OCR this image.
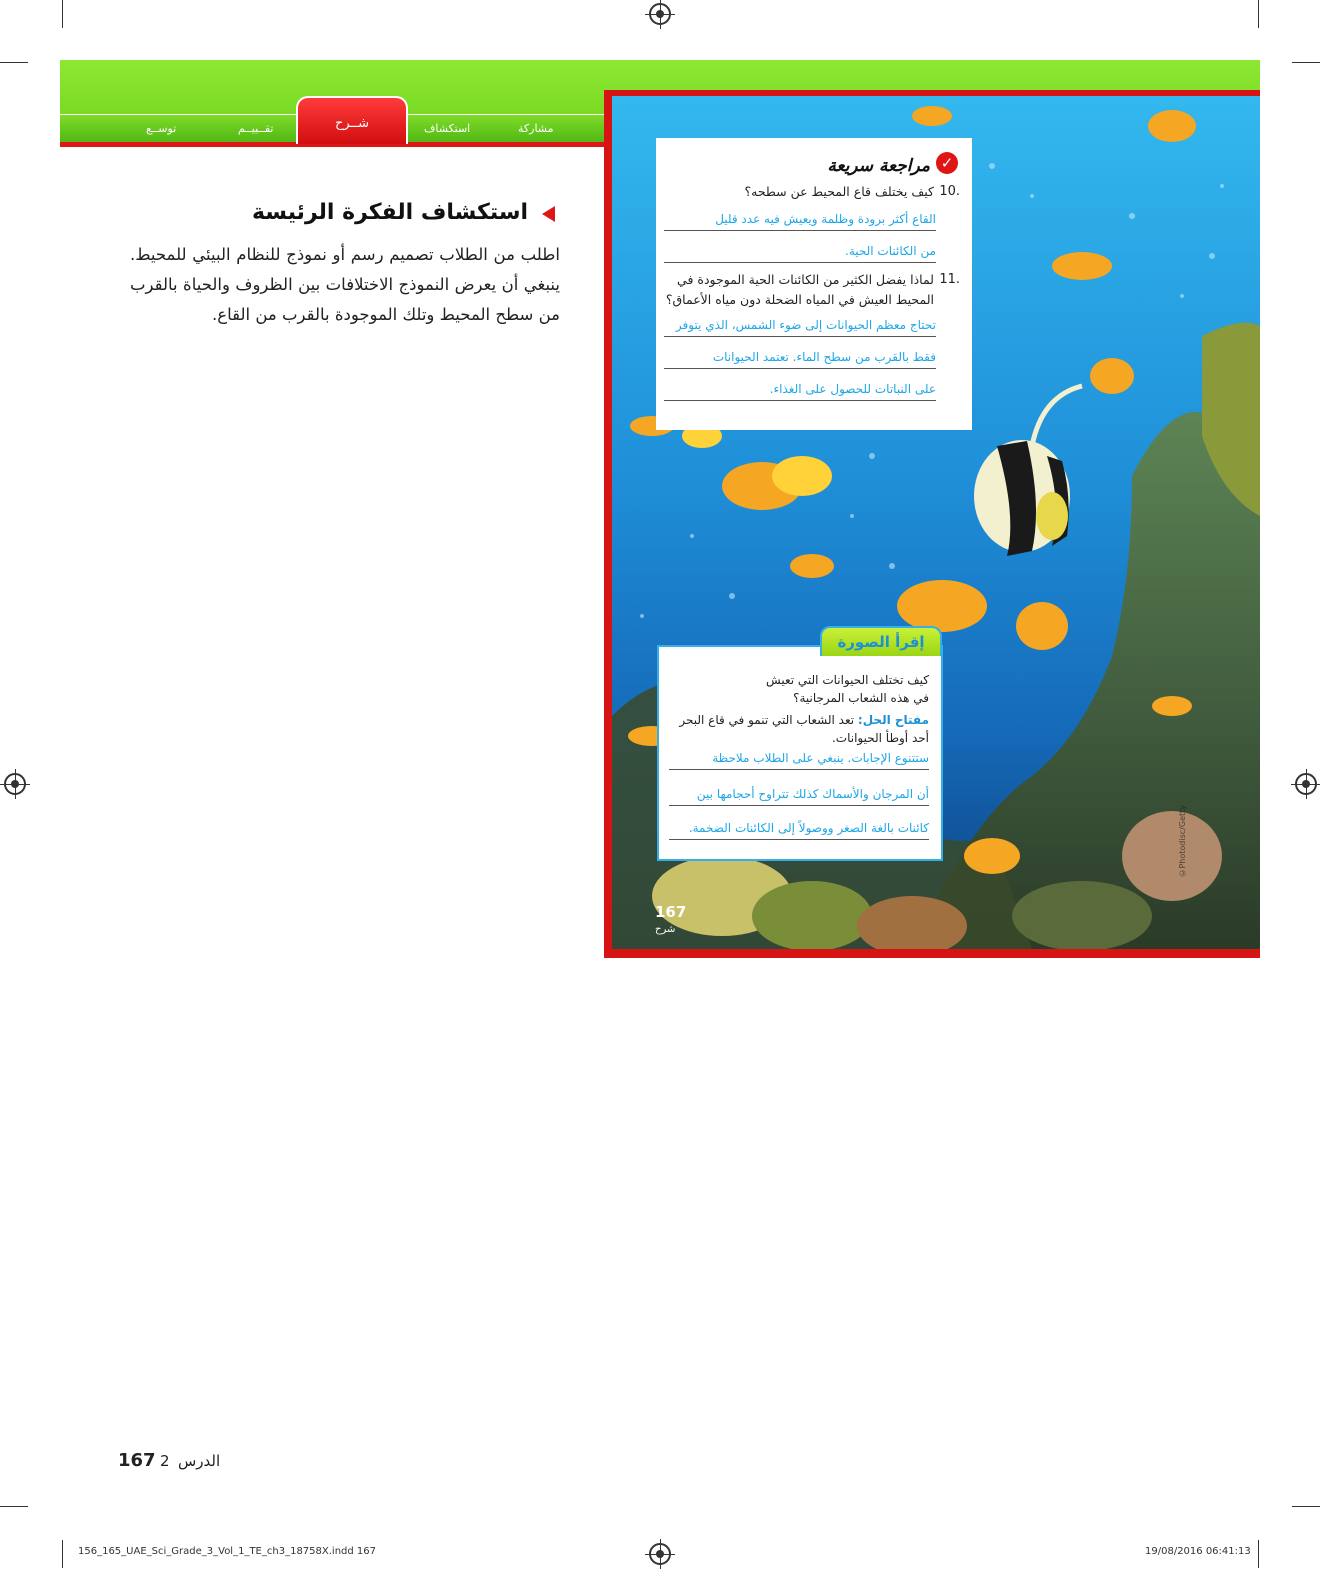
توســع	تقــييــم	شــرح	استكشاف	مشاركة
استكشاف الفكرة الرئيسة
اطلب من الطلاب تصميم رسم أو نموذج للنظام البيئي للمحيط. ينبغي أن يعرض النموذج الاختلافات بين الظروف والحياة بالقرب من سطح المحيط وتلك الموجودة بالقرب من القاع.
167
شرح
©Photodisc/Getty
✓
مراجعة سريعة
10.
كيف يختلف قاع المحيط عن سطحه؟
القاع أكثر برودة وظلمة ويعيش فيه عدد قليل
من الكائنات الحية.
11.
لماذا يفضل الكثير من الكائنات الحية الموجودة في
المحيط العيش في المياه الضحلة دون مياه الأعماق؟
تحتاج معظم الحيوانات إلى ضوء الشمس، الذي يتوفر
فقط بالقرب من سطح الماء. تعتمد الحيوانات
على النباتات للحصول على الغذاء.
كيف تختلف الحيوانات التي تعيش
في هذه الشعاب المرجانية؟
مفتاح الحل: تعد الشعاب التي تنمو في قاع البحر
أحد أوطأ الحيوانات.
ستتنوع الإجابات. ينبغي على الطلاب ملاحظة
أن المرجان والأسماك كذلك تتراوح أحجامها بين
كائنات بالغة الصغر ووصولاً إلى الكائنات الضخمة.
إقرأ الصورة
167 2 الدرس
156_165_UAE_Sci_Grade_3_Vol_1_TE_ch3_18758X.indd 167	19/08/2016 06:41:13
